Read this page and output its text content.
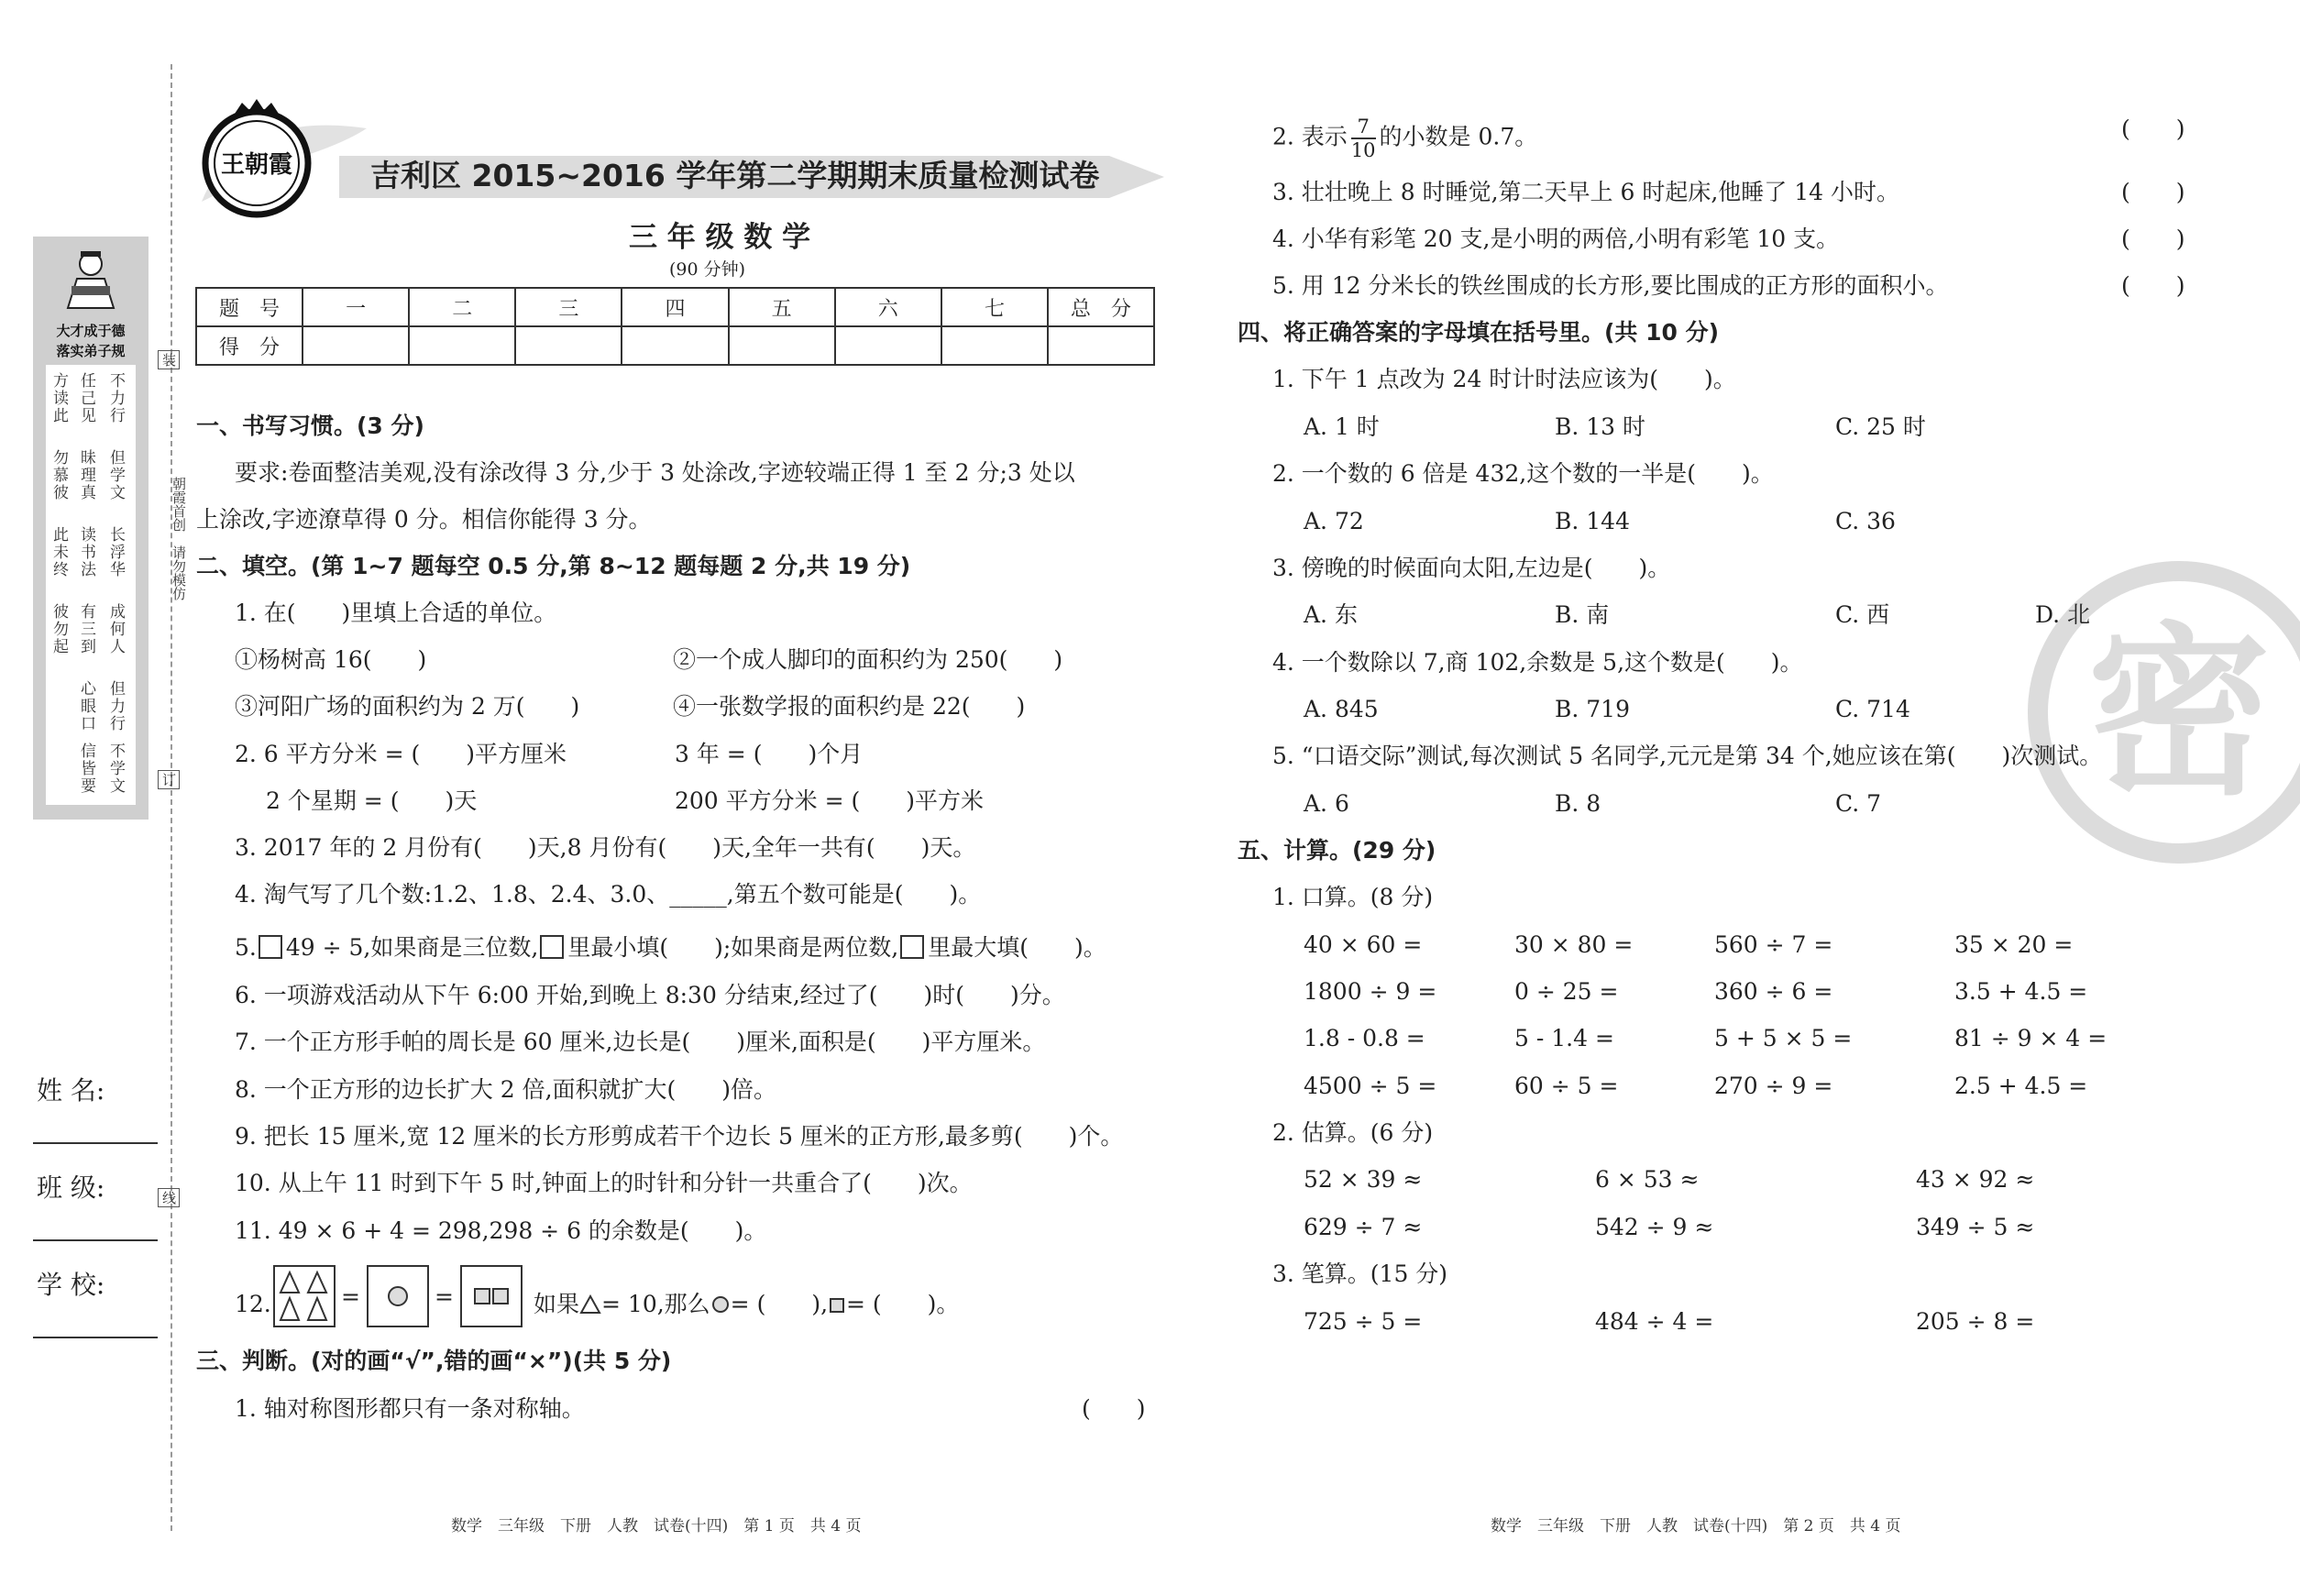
大才成于德
落实弟子规
方读此 任己见 不力行
勿慕彼 昧理真 但学文
此未终 读书法 长浮华
彼勿起 有三到 成何人
心眼口 但力行
信皆要 不学文
装
朝霞首创　请勿模仿
订
线
姓 名:
班 级:
学 校:
王朝霞	吉利区 2015~2016 学年第二学期期末质量检测试卷
三 年 级 数 学
(90 分钟)
题　号	一	二	三	四	五	六	七	总　分
得　分								
一、书写习惯。(3 分)
要求:卷面整洁美观,没有涂改得 3 分,少于 3 处涂改,字迹较端正得 1 至 2 分;3 处以
上涂改,字迹潦草得 0 分。相信你能得 3 分。
二、填空。(第 1~7 题每空 0.5 分,第 8~12 题每题 2 分,共 19 分)
1. 在(　　)里填上合适的单位。
①杨树高 16(　　)	②一个成人脚印的面积约为 250(　　)
③河阳广场的面积约为 2 万(　　)	④一张数学报的面积约是 22(　　)
2. 6 平方分米 = (　　)平方厘米	3 年 = (　　)个月
2 个星期 = (　　)天	200 平方分米 = (　　)平方米
3. 2017 年的 2 月份有(　　)天,8 月份有(　　)天,全年一共有(　　)天。
4. 淘气写了几个数:1.2、1.8、2.4、3.0、_____,第五个数可能是(　　)。
5. 49 ÷ 5,如果商是三位数, 里最小填(　　);如果商是两位数, 里最大填(　　)。
6. 一项游戏活动从下午 6:00 开始,到晚上 8:30 分结束,经过了(　　)时(　　)分。
7. 一个正方形手帕的周长是 60 厘米,边长是(　　)厘米,面积是(　　)平方厘米。
8. 一个正方形的边长扩大 2 倍,面积就扩大(　　)倍。
9. 把长 15 厘米,宽 12 厘米的长方形剪成若干个边长 5 厘米的正方形,最多剪(　　)个。
10. 从上午 11 时到下午 5 时,钟面上的时针和分针一共重合了(　　)次。
11. 49 × 6 + 4 = 298,298 ÷ 6 的余数是(　　)。
12.	=	=	如果 = 10,那么 = (　　), = (　　)。
三、判断。(对的画“√”,错的画“×”)(共 5 分)
1. 轴对称图形都只有一条对称轴。	(　　)
2. 表示 $\frac{7}{10}$ 的小数是 0.7。	(　　)
3. 壮壮晚上 8 时睡觉,第二天早上 6 时起床,他睡了 14 小时。	(　　)
4. 小华有彩笔 20 支,是小明的两倍,小明有彩笔 10 支。	(　　)
5. 用 12 分米长的铁丝围成的长方形,要比围成的正方形的面积小。	(　　)
密
四、将正确答案的字母填在括号里。(共 10 分)
1. 下午 1 点改为 24 时计时法应该为(　　)。
A. 1 时	B. 13 时	C. 25 时
2. 一个数的 6 倍是 432,这个数的一半是(　　)。
A. 72	B. 144	C. 36
3. 傍晚的时候面向太阳,左边是(　　)。
A. 东	B. 南	C. 西	D. 北
4. 一个数除以 7,商 102,余数是 5,这个数是(　　)。
A. 845	B. 719	C. 714
5. “口语交际”测试,每次测试 5 名同学,元元是第 34 个,她应该在第(　　)次测试。
A. 6	B. 8	C. 7
五、计算。(29 分)
1. 口算。(8 分)
40 × 60 =	30 × 80 =	560 ÷ 7 =	35 × 20 =
1800 ÷ 9 =	0 ÷ 25 =	360 ÷ 6 =	3.5 + 4.5 =
1.8 - 0.8 =	5 - 1.4 =	5 + 5 × 5 =	81 ÷ 9 × 4 =
4500 ÷ 5 =	60 ÷ 5 =	270 ÷ 9 =	2.5 + 4.5 =
2. 估算。(6 分)
52 × 39 ≈	6 × 53 ≈	43 × 92 ≈
629 ÷ 7 ≈	542 ÷ 9 ≈	349 ÷ 5 ≈
3. 笔算。(15 分)
725 ÷ 5 =	484 ÷ 4 =	205 ÷ 8 =
数学　三年级　下册　人教　试卷(十四)　第 1 页　共 4 页	数学　三年级　下册　人教　试卷(十四)　第 2 页　共 4 页
